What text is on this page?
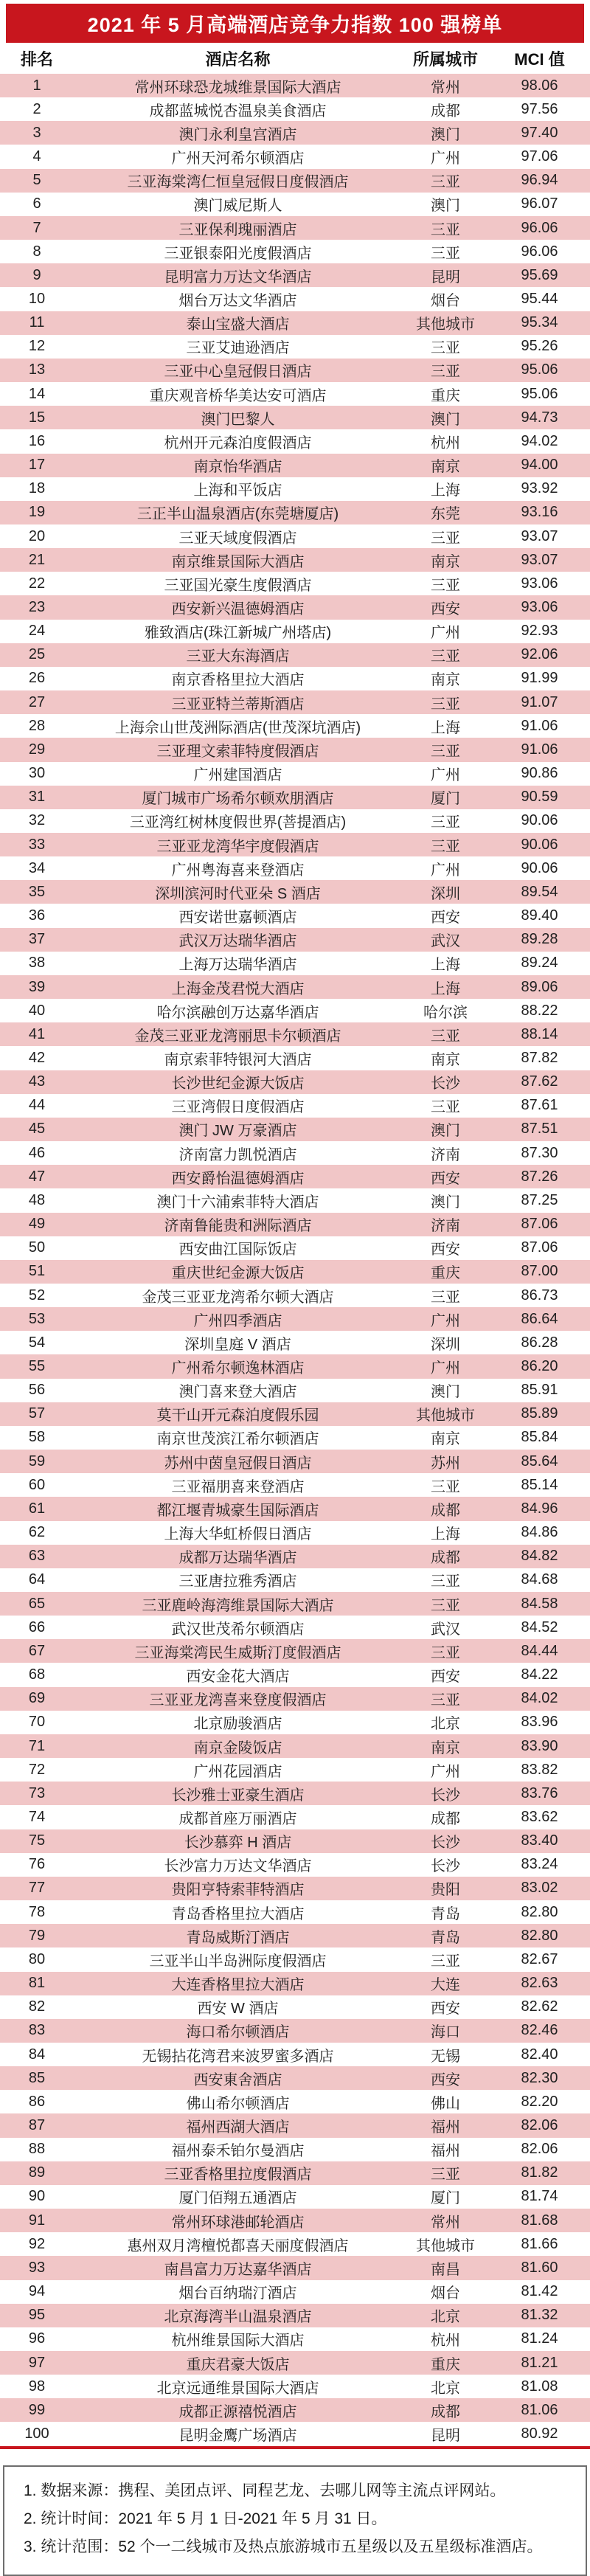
2021 年 5 月高端酒店竞争力指数 100 强榜单
排名	酒店名称	所属城市	MCI 值
1	常州环球恐龙城维景国际大酒店	常州	98.06
2	成都蓝城悦杏温泉美食酒店	成都	97.56
3	澳门永利皇宫酒店	澳门	97.40
4	广州天河希尔顿酒店	广州	97.06
5	三亚海棠湾仁恒皇冠假日度假酒店	三亚	96.94
6	澳门威尼斯人	澳门	96.07
7	三亚保利瑰丽酒店	三亚	96.06
8	三亚银泰阳光度假酒店	三亚	96.06
9	昆明富力万达文华酒店	昆明	95.69
10	烟台万达文华酒店	烟台	95.44
11	泰山宝盛大酒店	其他城市	95.34
12	三亚艾迪逊酒店	三亚	95.26
13	三亚中心皇冠假日酒店	三亚	95.06
14	重庆观音桥华美达安可酒店	重庆	95.06
15	澳门巴黎人	澳门	94.73
16	杭州开元森泊度假酒店	杭州	94.02
17	南京怡华酒店	南京	94.00
18	上海和平饭店	上海	93.92
19	三正半山温泉酒店(东莞塘厦店)	东莞	93.16
20	三亚天域度假酒店	三亚	93.07
21	南京维景国际大酒店	南京	93.07
22	三亚国光豪生度假酒店	三亚	93.06
23	西安新兴温德姆酒店	西安	93.06
24	雅致酒店(珠江新城广州塔店)	广州	92.93
25	三亚大东海酒店	三亚	92.06
26	南京香格里拉大酒店	南京	91.99
27	三亚亚特兰蒂斯酒店	三亚	91.07
28	上海佘山世茂洲际酒店(世茂深坑酒店)	上海	91.06
29	三亚理文索菲特度假酒店	三亚	91.06
30	广州建国酒店	广州	90.86
31	厦门城市广场希尔顿欢朋酒店	厦门	90.59
32	三亚湾红树林度假世界(菩提酒店)	三亚	90.06
33	三亚亚龙湾华宇度假酒店	三亚	90.06
34	广州粤海喜来登酒店	广州	90.06
35	深圳滨河时代亚朵 S 酒店	深圳	89.54
36	西安诺世嘉顿酒店	西安	89.40
37	武汉万达瑞华酒店	武汉	89.28
38	上海万达瑞华酒店	上海	89.24
39	上海金茂君悦大酒店	上海	89.06
40	哈尔滨融创万达嘉华酒店	哈尔滨	88.22
41	金茂三亚亚龙湾丽思卡尔顿酒店	三亚	88.14
42	南京索菲特银河大酒店	南京	87.82
43	长沙世纪金源大饭店	长沙	87.62
44	三亚湾假日度假酒店	三亚	87.61
45	澳门 JW 万豪酒店	澳门	87.51
46	济南富力凯悦酒店	济南	87.30
47	西安爵怡温德姆酒店	西安	87.26
48	澳门十六浦索菲特大酒店	澳门	87.25
49	济南鲁能贵和洲际酒店	济南	87.06
50	西安曲江国际饭店	西安	87.06
51	重庆世纪金源大饭店	重庆	87.00
52	金茂三亚亚龙湾希尔顿大酒店	三亚	86.73
53	广州四季酒店	广州	86.64
54	深圳皇庭 V 酒店	深圳	86.28
55	广州希尔顿逸林酒店	广州	86.20
56	澳门喜来登大酒店	澳门	85.91
57	莫干山开元森泊度假乐园	其他城市	85.89
58	南京世茂滨江希尔顿酒店	南京	85.84
59	苏州中茵皇冠假日酒店	苏州	85.64
60	三亚福朋喜来登酒店	三亚	85.14
61	都江堰青城豪生国际酒店	成都	84.96
62	上海大华虹桥假日酒店	上海	84.86
63	成都万达瑞华酒店	成都	84.82
64	三亚唐拉雅秀酒店	三亚	84.68
65	三亚鹿岭海湾维景国际大酒店	三亚	84.58
66	武汉世茂希尔顿酒店	武汉	84.52
67	三亚海棠湾民生威斯汀度假酒店	三亚	84.44
68	西安金花大酒店	西安	84.22
69	三亚亚龙湾喜来登度假酒店	三亚	84.02
70	北京励骏酒店	北京	83.96
71	南京金陵饭店	南京	83.90
72	广州花园酒店	广州	83.82
73	长沙雅士亚豪生酒店	长沙	83.76
74	成都首座万丽酒店	成都	83.62
75	长沙慕弈 H 酒店	长沙	83.40
76	长沙富力万达文华酒店	长沙	83.24
77	贵阳亨特索菲特酒店	贵阳	83.02
78	青岛香格里拉大酒店	青岛	82.80
79	青岛威斯汀酒店	青岛	82.80
80	三亚半山半岛洲际度假酒店	三亚	82.67
81	大连香格里拉大酒店	大连	82.63
82	西安 W 酒店	西安	82.62
83	海口希尔顿酒店	海口	82.46
84	无锡拈花湾君来波罗蜜多酒店	无锡	82.40
85	西安東舍酒店	西安	82.30
86	佛山希尔顿酒店	佛山	82.20
87	福州西湖大酒店	福州	82.06
88	福州泰禾铂尔曼酒店	福州	82.06
89	三亚香格里拉度假酒店	三亚	81.82
90	厦门佰翔五通酒店	厦门	81.74
91	常州环球港邮轮酒店	常州	81.68
92	惠州双月湾檀悦都喜天丽度假酒店	其他城市	81.66
93	南昌富力万达嘉华酒店	南昌	81.60
94	烟台百纳瑞汀酒店	烟台	81.42
95	北京海湾半山温泉酒店	北京	81.32
96	杭州维景国际大酒店	杭州	81.24
97	重庆君豪大饭店	重庆	81.21
98	北京远通维景国际大酒店	北京	81.08
99	成都正源禧悦酒店	成都	81.06
100	昆明金鹰广场酒店	昆明	80.92

1. 数据来源：携程、美团点评、同程艺龙、去哪儿网等主流点评网站。

2. 统计时间：2021 年 5 月 1 日-2021 年 5 月 31 日。

3. 统计范围：52 个一二线城市及热点旅游城市五星级以及五星级标准酒店。
